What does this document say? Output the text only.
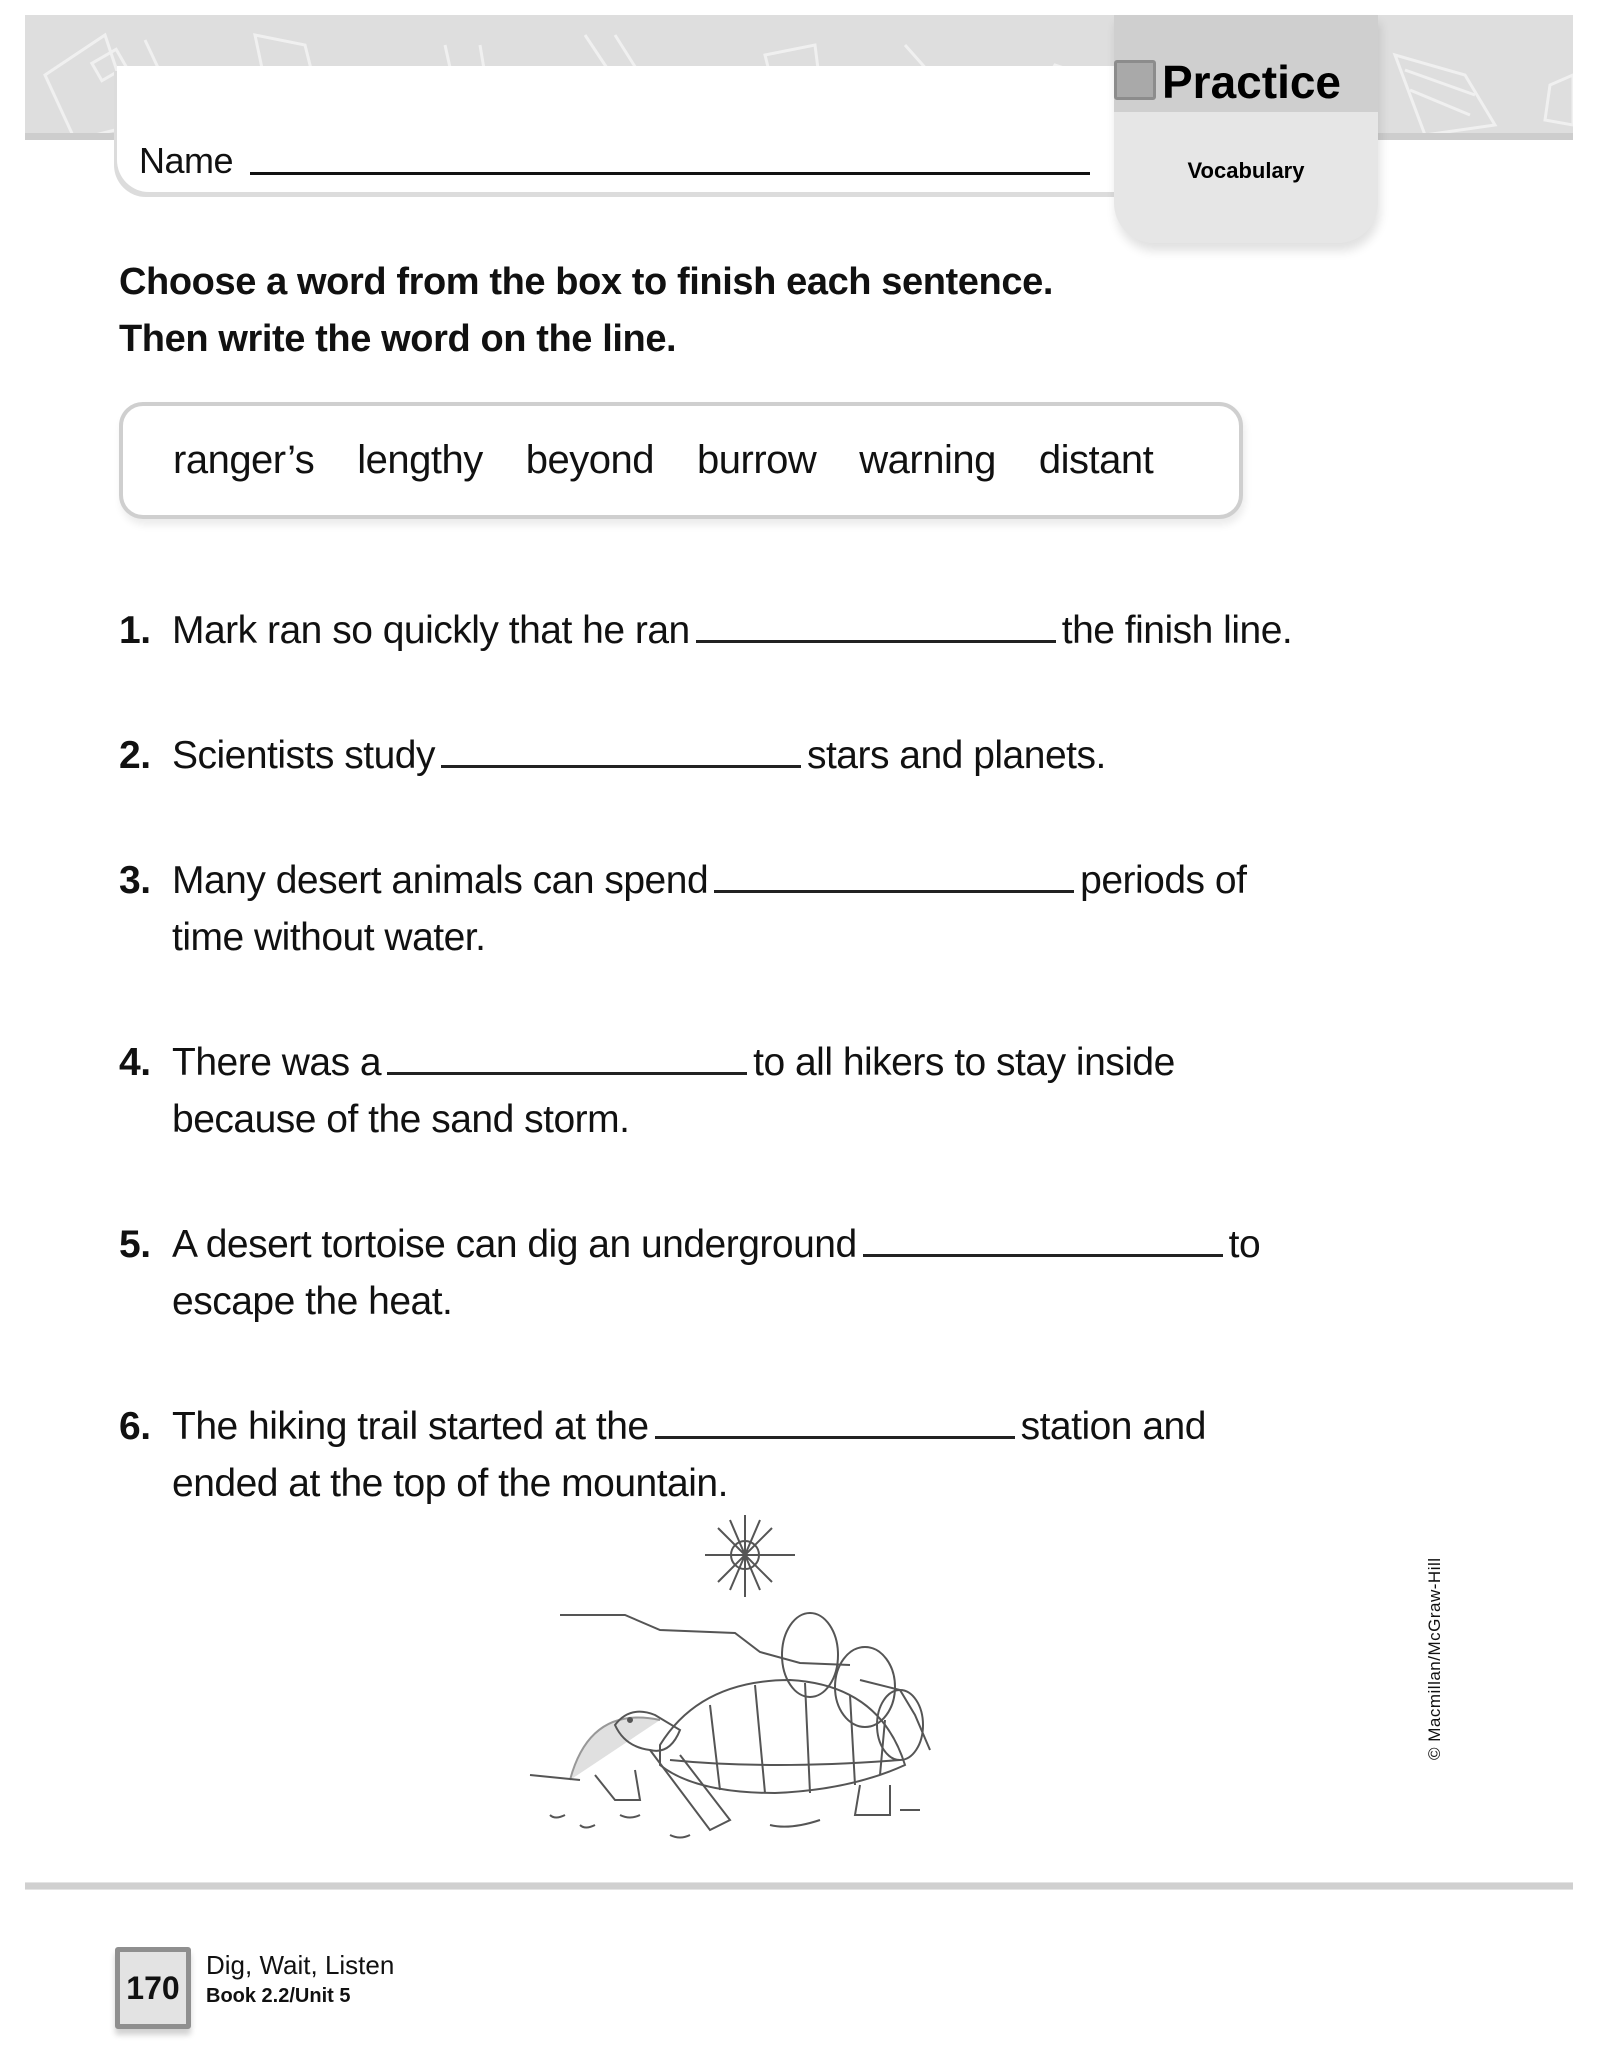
Name
Practice
Vocabulary
Choose a word from the box to finish each sentence.
Then write the word on the line.
ranger’s lengthy beyond burrow warning distant
1. Mark ran so quickly that he ran	the finish line.
2. Scientists study	stars and planets.
3. Many desert animals can spend	periods of
time without water.
4. There was a	to all hikers to stay inside
because of the sand storm.
5. A desert tortoise can dig an underground	to
escape the heat.
6. The hiking trail started at the	station and
ended at the top of the mountain.
© Macmillan/McGraw-Hill
170
Dig, Wait, Listen
Book 2.2/Unit 5
